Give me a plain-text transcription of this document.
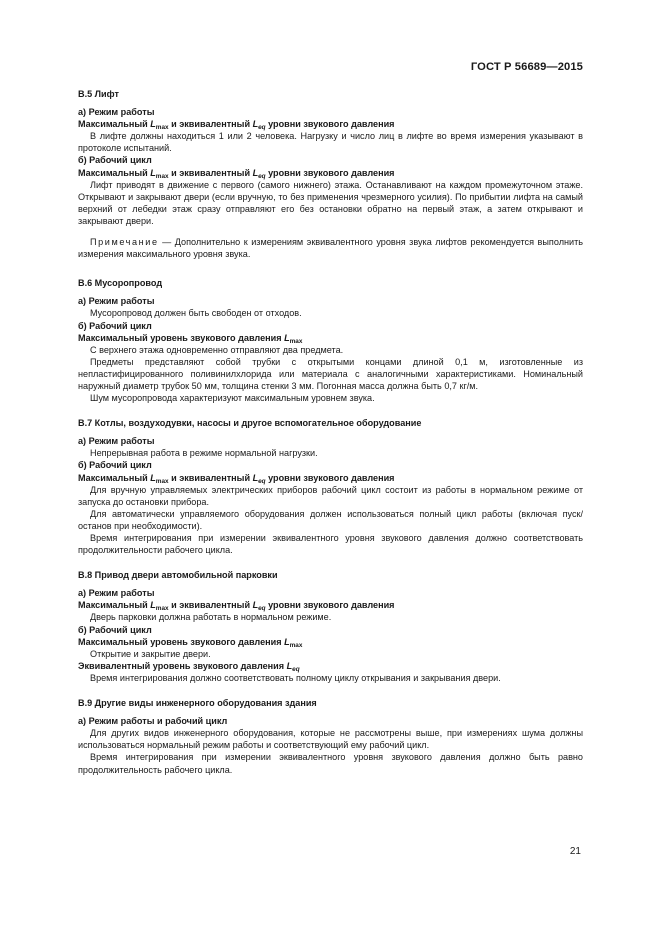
ГОСТ Р 56689—2015
В.5 Лифт

а) Режим работы

Максимальный $L_{max}$ и эквивалентный $L_{eq}$ уровни звукового давления

В лифте должны находиться 1 или 2 человека. Нагрузку и число лиц в лифте во время измерения указывают в протоколе испытаний.

б) Рабочий цикл

Максимальный $L_{max}$ и эквивалентный $L_{eq}$ уровни звукового давления

Лифт приводят в движение с первого (самого нижнего) этажа. Останавливают на каждом промежуточном этаже. Открывают и закрывают двери (если вручную, то без применения чрезмерного усилия). По прибытии лифта на самый верхний от лебедки этаж сразу отправляют его без остановки обратно на первый этаж, а затем открывают и закрывают двери.

Примечание — Дополнительно к измерениям эквивалентного уровня звука лифтов рекомендуется выполнить измерения максимального уровня звука.

В.6 Мусоропровод

а) Режим работы

Мусоропровод должен быть свободен от отходов.

б) Рабочий цикл

Максимальный уровень звукового давления $L_{max}$

С верхнего этажа одновременно отправляют два предмета.

Предметы представляют собой трубки с открытыми концами длиной 0,1 м, изготовленные из непластифицированного поливинилхлорида или материала с аналогичными характеристиками. Номинальный наружный диаметр трубок 50 мм, толщина стенки 3 мм. Погонная масса должна быть 0,7 кг/м.

Шум мусоропровода характеризуют максимальным уровнем звука.

В.7 Котлы, воздуходувки, насосы и другое вспомогательное оборудование

а) Режим работы

Непрерывная работа в режиме нормальной нагрузки.

б) Рабочий цикл

Максимальный $L_{max}$ и эквивалентный $L_{eq}$ уровни звукового давления

Для вручную управляемых электрических приборов рабочий цикл состоит из работы в нормальном режиме от запуска до остановки прибора.

Для автоматически управляемого оборудования должен использоваться полный цикл работы (включая пуск/останов при необходимости).

Время интегрирования при измерении эквивалентного уровня звукового давления должно соответствовать продолжительности рабочего цикла.

В.8 Привод двери автомобильной парковки

а) Режим работы

Максимальный $L_{max}$ и эквивалентный $L_{eq}$ уровни звукового давления

Дверь парковки должна работать в нормальном режиме.

б) Рабочий цикл

Максимальный уровень звукового давления $L_{max}$

Открытие и закрытие двери.

Эквивалентный уровень звукового давления $L_{eq}$

Время интегрирования должно соответствовать полному циклу открывания и закрывания двери.

В.9 Другие виды инженерного оборудования здания

а) Режим работы и рабочий цикл

Для других видов инженерного оборудования, которые не рассмотрены выше, при измерениях шума должны использоваться нормальный режим работы и соответствующий ему рабочий цикл.

Время интегрирования при измерении эквивалентного уровня звукового давления должно быть равно продолжительность рабочего цикла.

21
